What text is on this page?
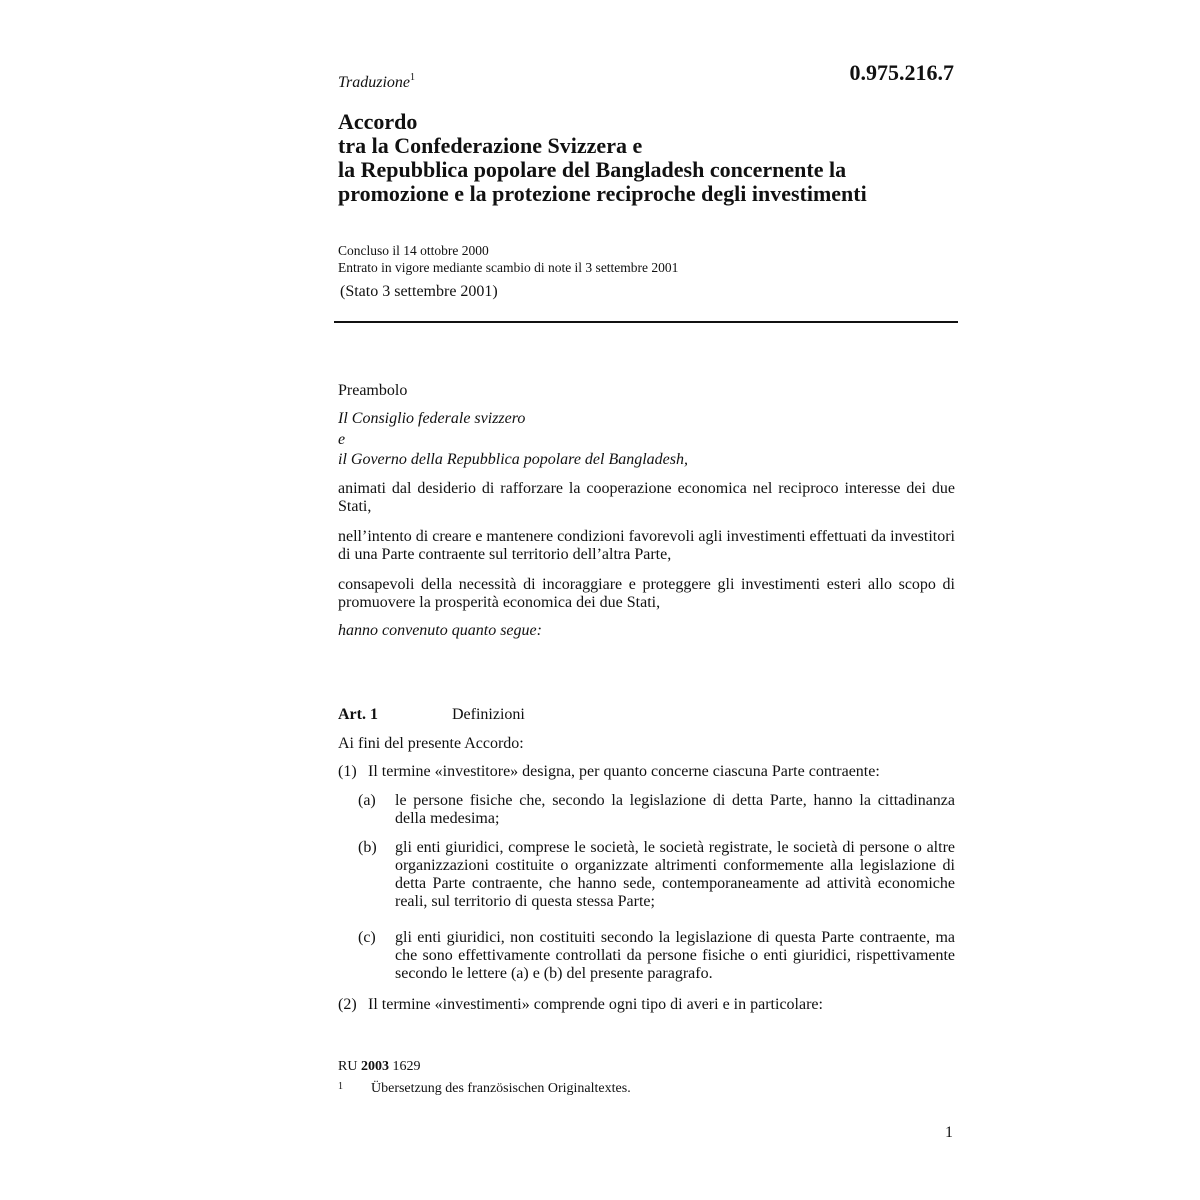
Traduzione$^1$	0.975.216.7
Accordo
tra la Confederazione Svizzera e
la Repubblica popolare del Bangladesh concernente la
promozione e la protezione reciproche degli investimenti
Concluso il 14 ottobre 2000
Entrato in vigore mediante scambio di note il 3 settembre 2001
(Stato 3 settembre 2001)
Preambolo
Il Consiglio federale svizzero
e
il Governo della Repubblica popolare del Bangladesh,
animati dal desiderio di rafforzare la cooperazione economica nel reciproco interesse dei due Stati,
nell’intento di creare e mantenere condizioni favorevoli agli investimenti effettuati da investitori di una Parte contraente sul territorio dell’altra Parte,
consapevoli della necessità di incoraggiare e proteggere gli investimenti esteri allo scopo di promuovere la prosperità economica dei due Stati,
hanno convenuto quanto segue:
Art. 1	Definizioni
Ai fini del presente Accordo:
(1) Il termine «investitore» designa, per quanto concerne ciascuna Parte contraente:
(a) le persone fisiche che, secondo la legislazione di detta Parte, hanno la cittadinanza della medesima;
(b) gli enti giuridici, comprese le società, le società registrate, le società di persone o altre organizzazioni costituite o organizzate altrimenti conformemente alla legislazione di detta Parte contraente, che hanno sede, contemporaneamente ad attività economiche reali, sul territorio di questa stessa Parte;
(c) gli enti giuridici, non costituiti secondo la legislazione di questa Parte contraente, ma che sono effettivamente controllati da persone fisiche o enti giuridici, rispettivamente secondo le lettere (a) e (b) del presente paragrafo.
(2) Il termine «investimenti» comprende ogni tipo di averi e in particolare:
RU 2003 1629
1 Übersetzung des französischen Originaltextes.
1
